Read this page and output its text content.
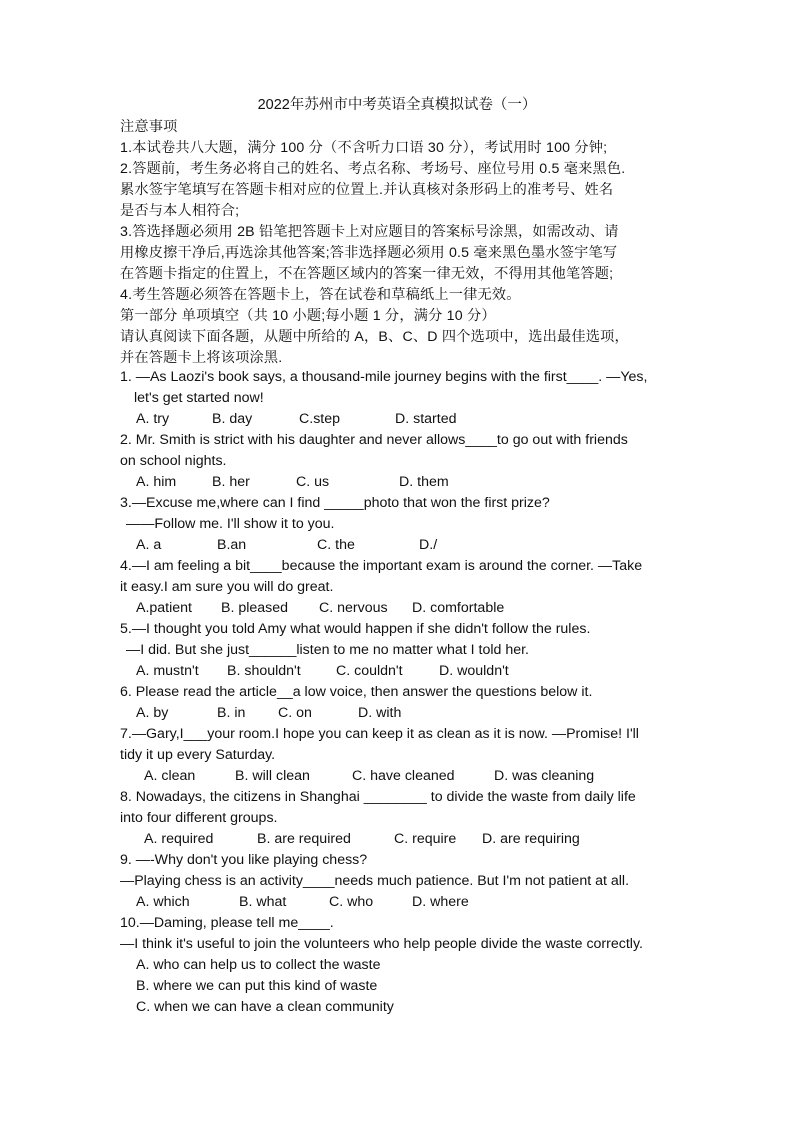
2022年苏州市中考英语全真模拟试卷（一）
注意事项
1.本试卷共八大题，满分 100 分（不含听力口语 30 分），考试用时 100 分钟;
2.答题前，考生务必将自己的姓名、考点名称、考场号、座位号用 0.5 毫来黑色.
累水签宇笔填写在答题卡相对应的位置上.并认真核对条形码上的准考号、姓名
是否与本人相符合;
3.答选择题必须用 2B 铅笔把答题卡上对应题目的答案标号涂黑，如需改动、请
用橡皮擦干净后,再选涂其他答案;答非选择题必须用 0.5 毫来黑色墨水签宇笔写
在答题卡指定的住置上，不在答题区域内的答案一律无效，不得用其他笔答题;
4.考生答题必须答在答题卡上，答在试卷和草稿纸上一律无效。
第一部分 单项填空（共 10 小题;每小题 1 分，满分 10 分）
请认真阅读下面各题，从题中所给的 A，B、C、D 四个选项中，选出最佳选项，
并在答题卡上将该项涂黑.
1. —As Laozi's book says, a thousand-mile journey begins with the first____. —Yes,
let's get started now!
A. try	B. day	C.step	D. started
2. Mr. Smith is strict with his daughter and never allows____to go out with friends
on school nights.
A. him	B. her	C. us	D. them
3.—Excuse me,where can I find _____photo that won the first prize?
——Follow me. I'll show it to you.
A. a	B.an	C. the	D./
4.—I am feeling a bit____because the important exam is around the corner. —Take
it easy.I am sure you will do great.
A.patient B. pleased C. nervous D. comfortable
5.—I thought you told Amy what would happen if she didn't follow the rules.
—I did. But she just______listen to me no matter what I told her.
A. mustn't B. shouldn't C. couldn't	D. wouldn't
6. Please read the article__a low voice, then answer the questions below it.
A. by	B. in C. on	D. with
7.—Gary,I___your room.I hope you can keep it as clean as it is now. —Promise! I'll
tidy it up every Saturday.
A. clean	B. will clean	C. have cleaned	D. was cleaning
8. Nowadays, the citizens in Shanghai ________ to divide the waste from daily life
into four different groups.
A. required	B. are required	C. require D. are requiring
9. —-Why don't you like playing chess?
—Playing chess is an activity____needs much patience. But I'm not patient at all.
A. which	B. what	C. who	D. where
10.—Daming, please tell me____.
—I think it's useful to join the volunteers who help people divide the waste correctly.
A. who can help us to collect the waste
B. where we can put this kind of waste
C. when we can have a clean community
